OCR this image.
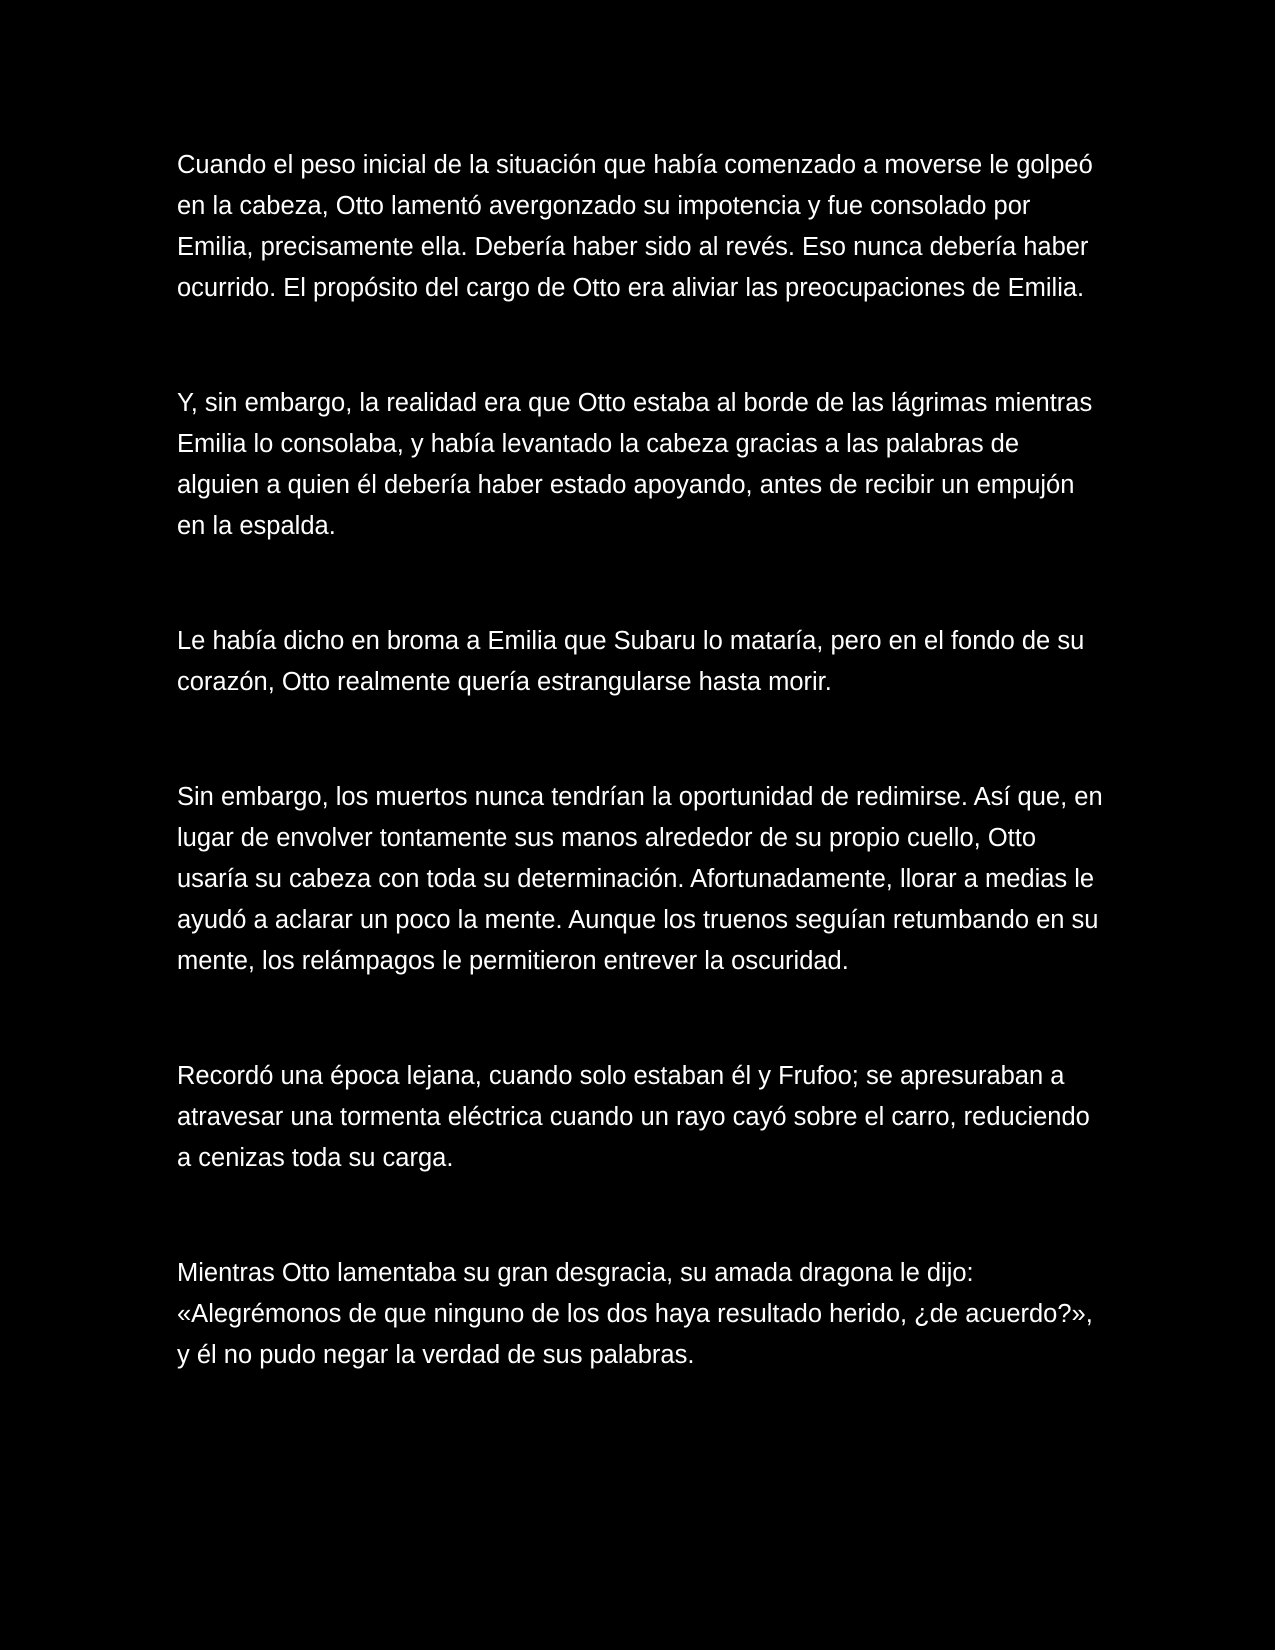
Cuando el peso inicial de la situación que había comenzado a moverse le golpeó en la cabeza, Otto lamentó avergonzado su impotencia y fue consolado por Emilia, precisamente ella. Debería haber sido al revés. Eso nunca debería haber ocurrido. El propósito del cargo de Otto era aliviar las preocupaciones de Emilia.

Y, sin embargo, la realidad era que Otto estaba al borde de las lágrimas mientras Emilia lo consolaba, y había levantado la cabeza gracias a las palabras de alguien a quien él debería haber estado apoyando, antes de recibir un empujón en la espalda.

Le había dicho en broma a Emilia que Subaru lo mataría, pero en el fondo de su corazón, Otto realmente quería estrangularse hasta morir.

Sin embargo, los muertos nunca tendrían la oportunidad de redimirse. Así que, en lugar de envolver tontamente sus manos alrededor de su propio cuello, Otto usaría su cabeza con toda su determinación. Afortunadamente, llorar a medias le ayudó a aclarar un poco la mente. Aunque los truenos seguían retumbando en su mente, los relámpagos le permitieron entrever la oscuridad.

Recordó una época lejana, cuando solo estaban él y Frufoo; se apresuraban a atravesar una tormenta eléctrica cuando un rayo cayó sobre el carro, reduciendo a cenizas toda su carga.

Mientras Otto lamentaba su gran desgracia, su amada dragona le dijo: «Alegrémonos de que ninguno de los dos haya resultado herido, ¿de acuerdo?», y él no pudo negar la verdad de sus palabras.
